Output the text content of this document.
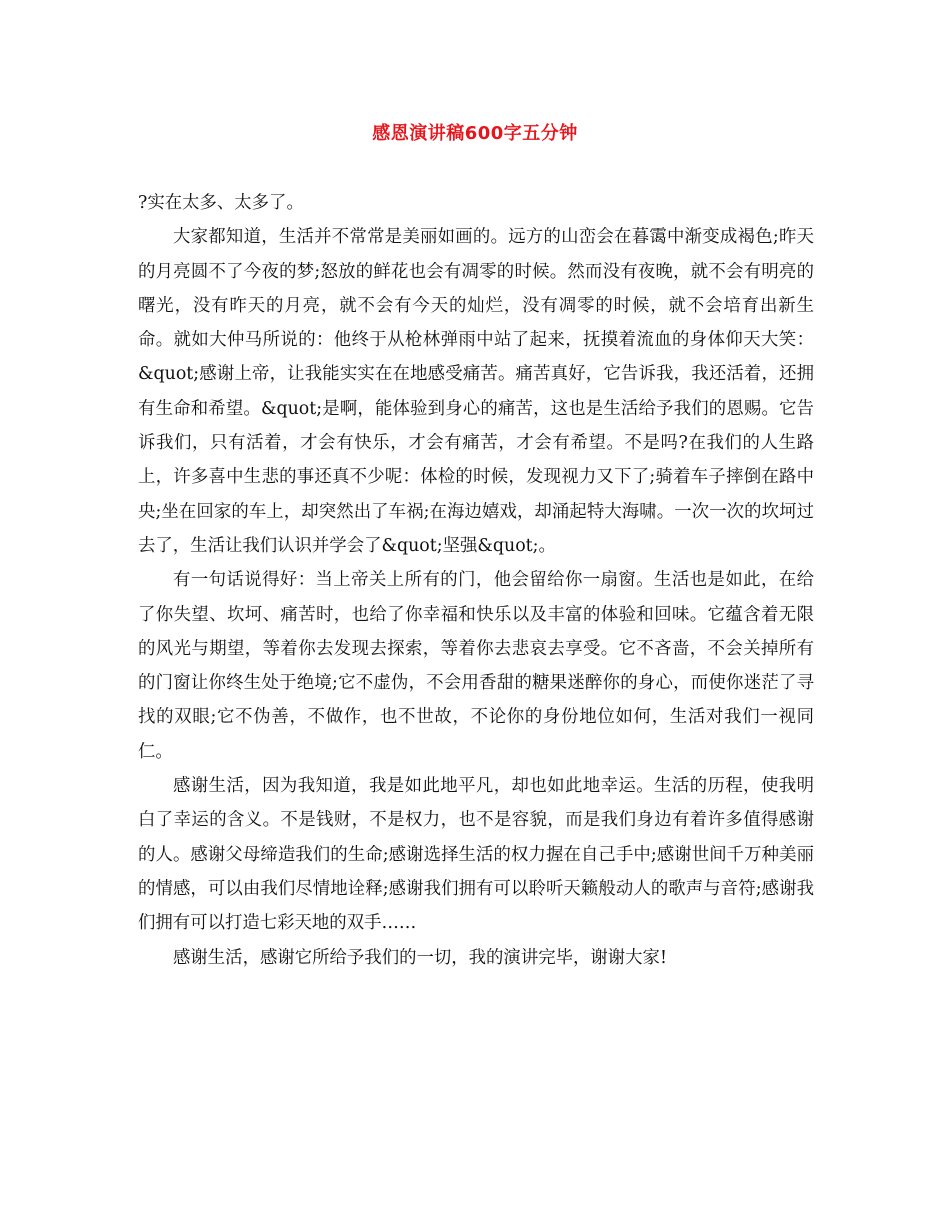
感恩演讲稿600字五分钟

?实在太多、太多了。

大家都知道，生活并不常常是美丽如画的。远方的山峦会在暮霭中渐变成褐色;昨天的月亮圆不了今夜的梦;怒放的鲜花也会有凋零的时候。然而没有夜晚，就不会有明亮的曙光，没有昨天的月亮，就不会有今天的灿烂，没有凋零的时候，就不会培育出新生命。就如大仲马所说的：他终于从枪林弹雨中站了起来，抚摸着流血的身体仰天大笑：&quot;感谢上帝，让我能实实在在地感受痛苦。痛苦真好，它告诉我，我还活着，还拥有生命和希望。&quot;是啊，能体验到身心的痛苦，这也是生活给予我们的恩赐。它告诉我们，只有活着，才会有快乐，才会有痛苦，才会有希望。不是吗?在我们的人生路上，许多喜中生悲的事还真不少呢：体检的时候，发现视力又下了;骑着车子摔倒在路中央;坐在回家的车上，却突然出了车祸;在海边嬉戏，却涌起特大海啸。一次一次的坎坷过去了，生活让我们认识并学会了&quot;坚强&quot;。

有一句话说得好：当上帝关上所有的门，他会留给你一扇窗。生活也是如此，在给了你失望、坎坷、痛苦时，也给了你幸福和快乐以及丰富的体验和回味。它蕴含着无限的风光与期望，等着你去发现去探索，等着你去悲哀去享受。它不吝啬，不会关掉所有的门窗让你终生处于绝境;它不虚伪，不会用香甜的糖果迷醉你的身心，而使你迷茫了寻找的双眼;它不伪善，不做作，也不世故，不论你的身份地位如何，生活对我们一视同仁。

感谢生活，因为我知道，我是如此地平凡，却也如此地幸运。生活的历程，使我明白了幸运的含义。不是钱财，不是权力，也不是容貌，而是我们身边有着许多值得感谢的人。感谢父母缔造我们的生命;感谢选择生活的权力握在自己手中;感谢世间千万种美丽的情感，可以由我们尽情地诠释;感谢我们拥有可以聆听天籁般动人的歌声与音符;感谢我们拥有可以打造七彩天地的双手……

感谢生活，感谢它所给予我们的一切，我的演讲完毕，谢谢大家!
